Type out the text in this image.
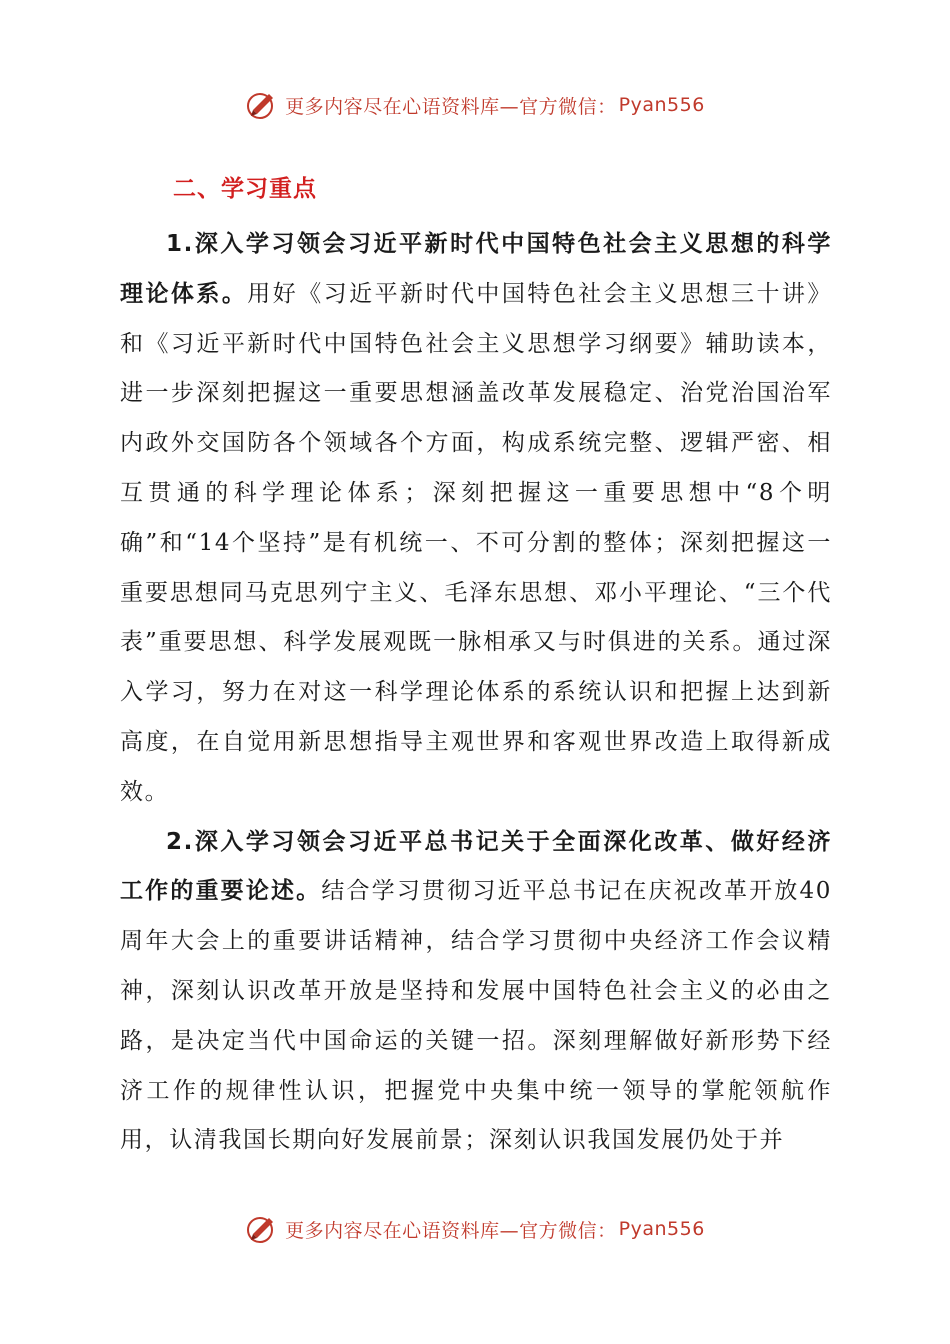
更多内容尽在心语资料库—官方微信： Pyan556
二、学习重点

1.深入学习领会习近平新时代中国特色社会主义思想的科学理论体系。用好《习近平新时代中国特色社会主义思想三十讲》和《习近平新时代中国特色社会主义思想学习纲要》辅助读本，进一步深刻把握这一重要思想涵盖改革发展稳定、治党治国治军内政外交国防各个领域各个方面，构成系统完整、逻辑严密、相互贯通的科学理论体系；深刻把握这一重要思想中“8个明确”和“14个坚持”是有机统一、不可分割的整体；深刻把握这一重要思想同马克思列宁主义、毛泽东思想、邓小平理论、“三个代表”重要思想、科学发展观既一脉相承又与时俱进的关系。通过深入学习，努力在对这一科学理论体系的系统认识和把握上达到新高度，在自觉用新思想指导主观世界和客观世界改造上取得新成效。

2.深入学习领会习近平总书记关于全面深化改革、做好经济工作的重要论述。结合学习贯彻习近平总书记在庆祝改革开放40周年大会上的重要讲话精神，结合学习贯彻中央经济工作会议精神，深刻认识改革开放是坚持和发展中国特色社会主义的必由之路，是决定当代中国命运的关键一招。深刻理解做好新形势下经济工作的规律性认识，把握党中央集中统一领导的掌舵领航作用，认清我国长期向好发展前景；深刻认识我国发展仍处于并

更多内容尽在心语资料库—官方微信： Pyan556
